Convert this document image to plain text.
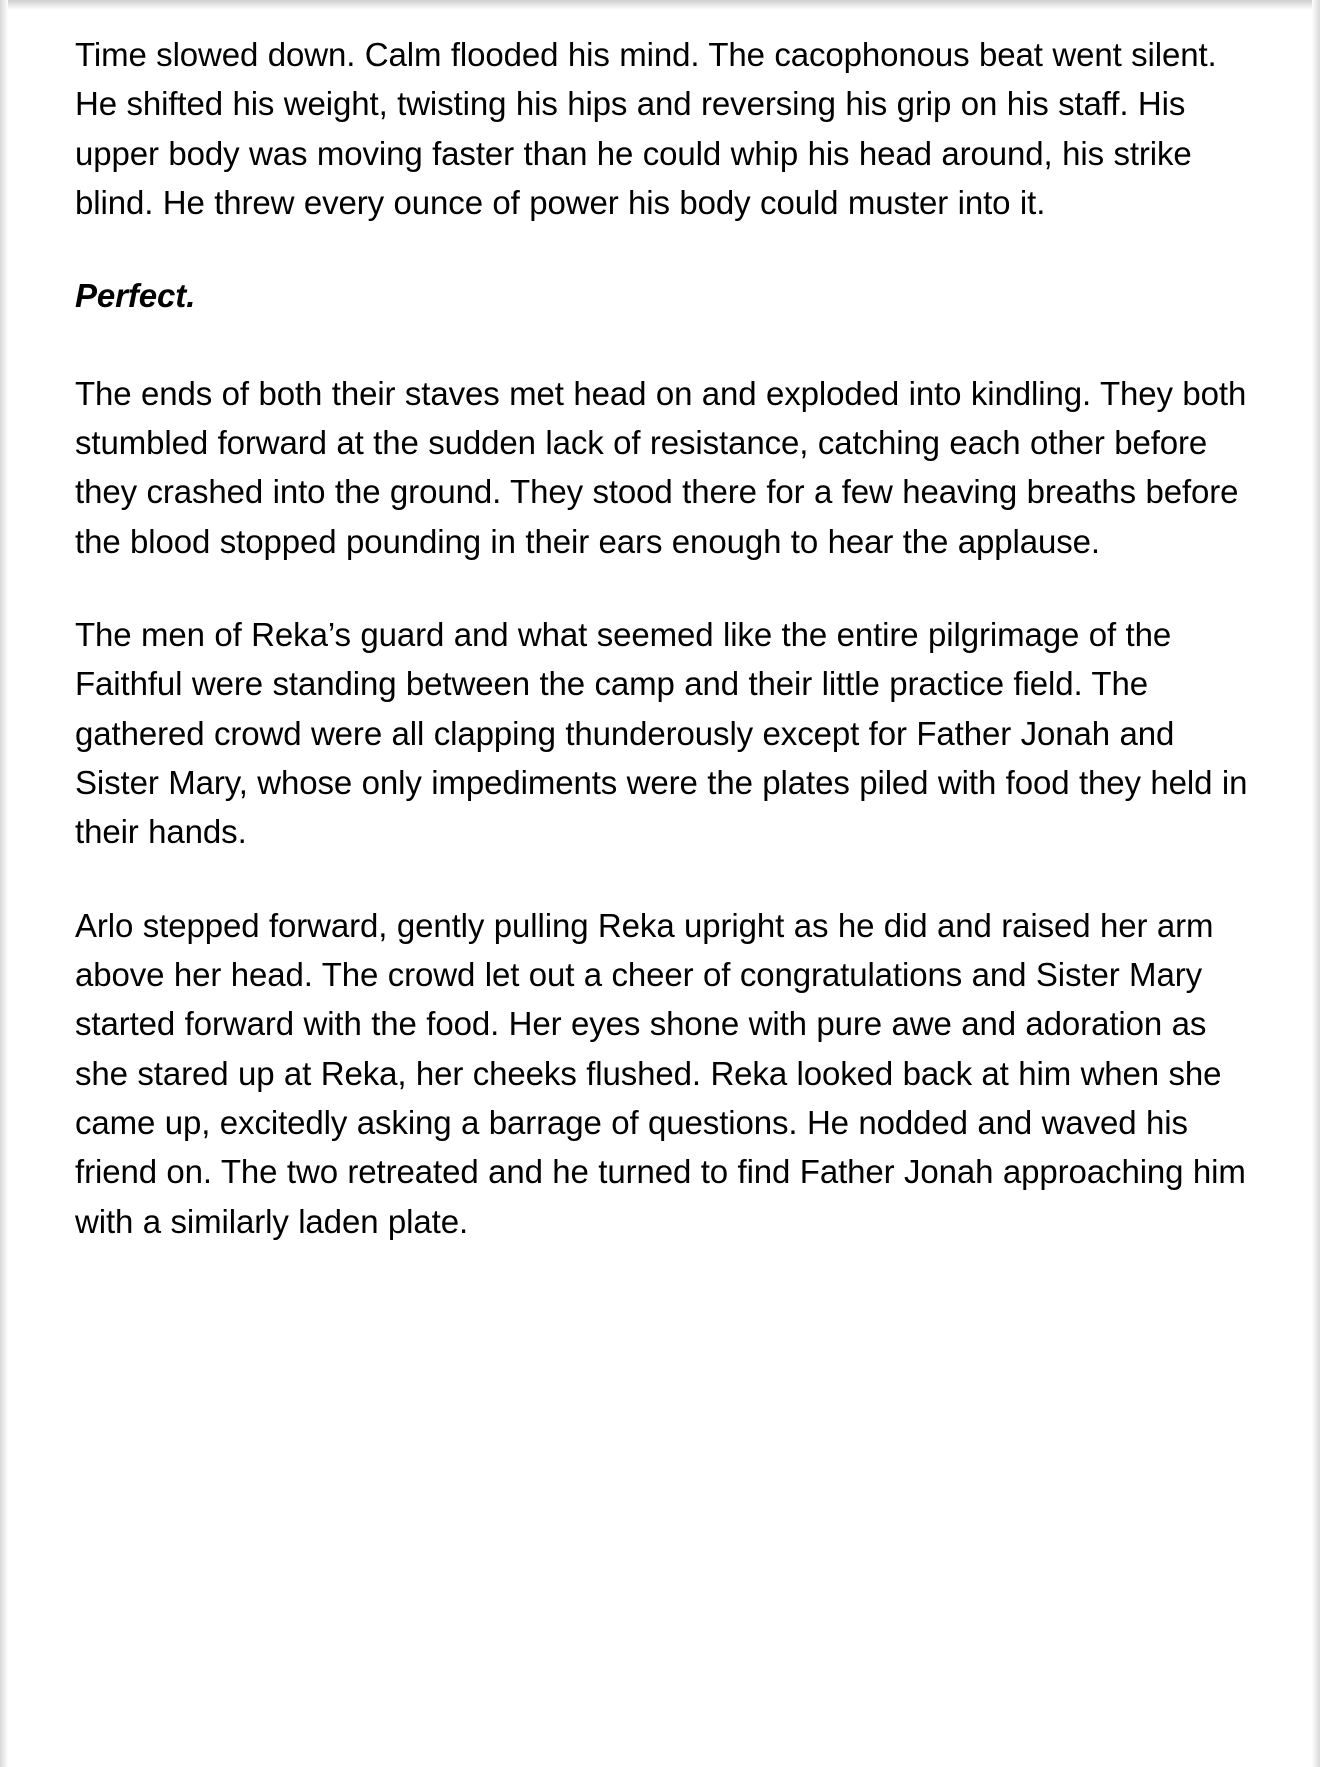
Time slowed down. Calm flooded his mind. The cacophonous beat went silent. He shifted his weight, twisting his hips and reversing his grip on his staff. His upper body was moving faster than he could whip his head around, his strike blind. He threw every ounce of power his body could muster into it.

Perfect.

The ends of both their staves met head on and exploded into kindling. They both stumbled forward at the sudden lack of resistance, catching each other before they crashed into the ground. They stood there for a few heaving breaths before the blood stopped pounding in their ears enough to hear the applause.

The men of Reka’s guard and what seemed like the entire pilgrimage of the Faithful were standing between the camp and their little practice field. The gathered crowd were all clapping thunderously except for Father Jonah and Sister Mary, whose only impediments were the plates piled with food they held in their hands.

Arlo stepped forward, gently pulling Reka upright as he did and raised her arm above her head. The crowd let out a cheer of congratulations and Sister Mary started forward with the food. Her eyes shone with pure awe and adoration as she stared up at Reka, her cheeks flushed. Reka looked back at him when she came up, excitedly asking a barrage of questions. He nodded and waved his friend on. The two retreated and he turned to find Father Jonah approaching him with a similarly laden plate.
